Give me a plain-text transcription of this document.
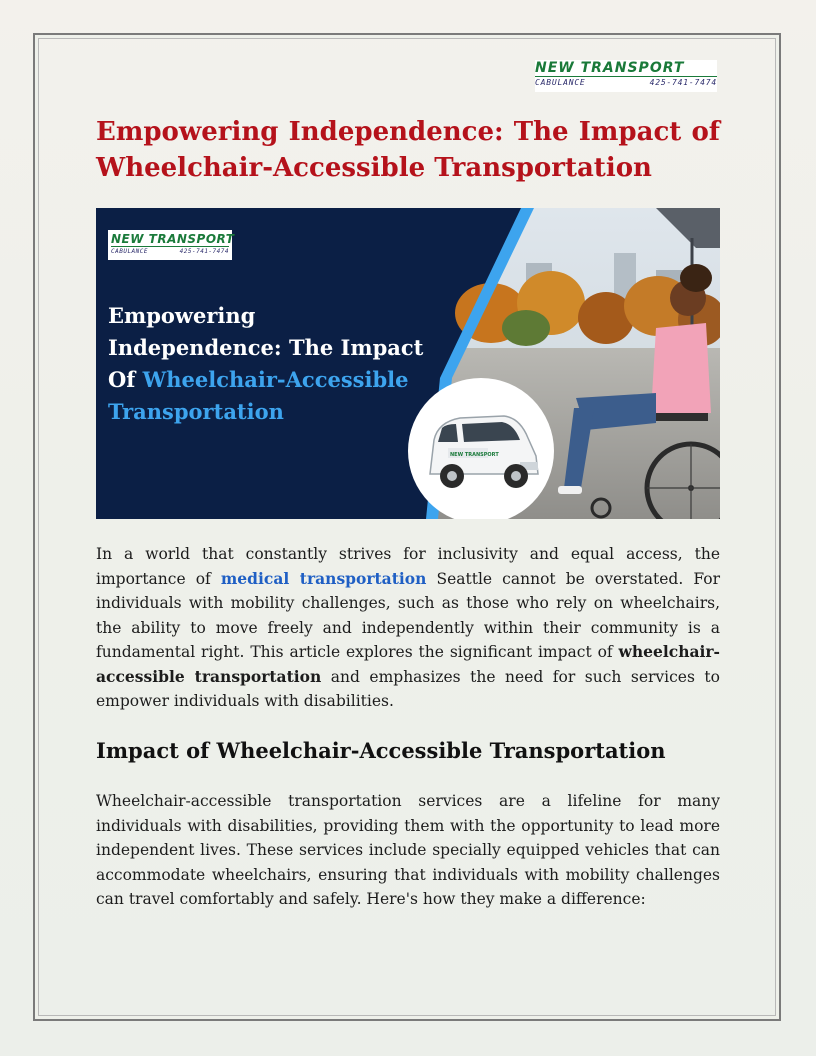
NEW TRANSPORT
CABULANCE	425-741-7474
Empowering Independence: The Impact of Wheelchair-Accessible Transportation
NEW TRANSPORT
CABULANCE	425-741-7474
Empowering
Independence: The Impact
Of Wheelchair-Accessible
Transportation
NEW TRANSPORT

In a world that constantly strives for inclusivity and equal access, the importance of medical transportation Seattle cannot be overstated. For individuals with mobility challenges, such as those who rely on wheelchairs, the ability to move freely and independently within their community is a fundamental right. This article explores the significant impact of wheelchair-accessible transportation and emphasizes the need for such services to empower individuals with disabilities.

Impact of Wheelchair-Accessible Transportation

Wheelchair-accessible transportation services are a lifeline for many individuals with disabilities, providing them with the opportunity to lead more independent lives. These services include specially equipped vehicles that can accommodate wheelchairs, ensuring that individuals with mobility challenges can travel comfortably and safely. Here's how they make a difference:
